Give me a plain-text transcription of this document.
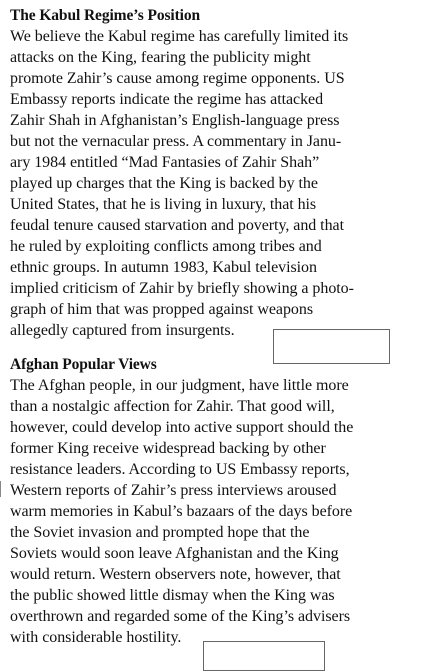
The Kabul Regime’s Position

We believe the Kabul regime has carefully limited its
attacks on the King, fearing the publicity might
promote Zahir’s cause among regime opponents. US
Embassy reports indicate the regime has attacked
Zahir Shah in Afghanistan’s English-language press
but not the vernacular press. A commentary in Janu-
ary 1984 entitled “Mad Fantasies of Zahir Shah”
played up charges that the King is backed by the
United States, that he is living in luxury, that his
feudal tenure caused starvation and poverty, and that
he ruled by exploiting conflicts among tribes and
ethnic groups. In autumn 1983, Kabul television
implied criticism of Zahir by briefly showing a photo-
graph of him that was propped against weapons
allegedly captured from insurgents.

Afghan Popular Views

The Afghan people, in our judgment, have little more
than a nostalgic affection for Zahir. That good will,
however, could develop into active support should the
former King receive widespread backing by other
resistance leaders. According to US Embassy reports,
Western reports of Zahir’s press interviews aroused
warm memories in Kabul’s bazaars of the days before
the Soviet invasion and prompted hope that the
Soviets would soon leave Afghanistan and the King
would return. Western observers note, however, that
the public showed little dismay when the King was
overthrown and regarded some of the King’s advisers
with considerable hostility.
